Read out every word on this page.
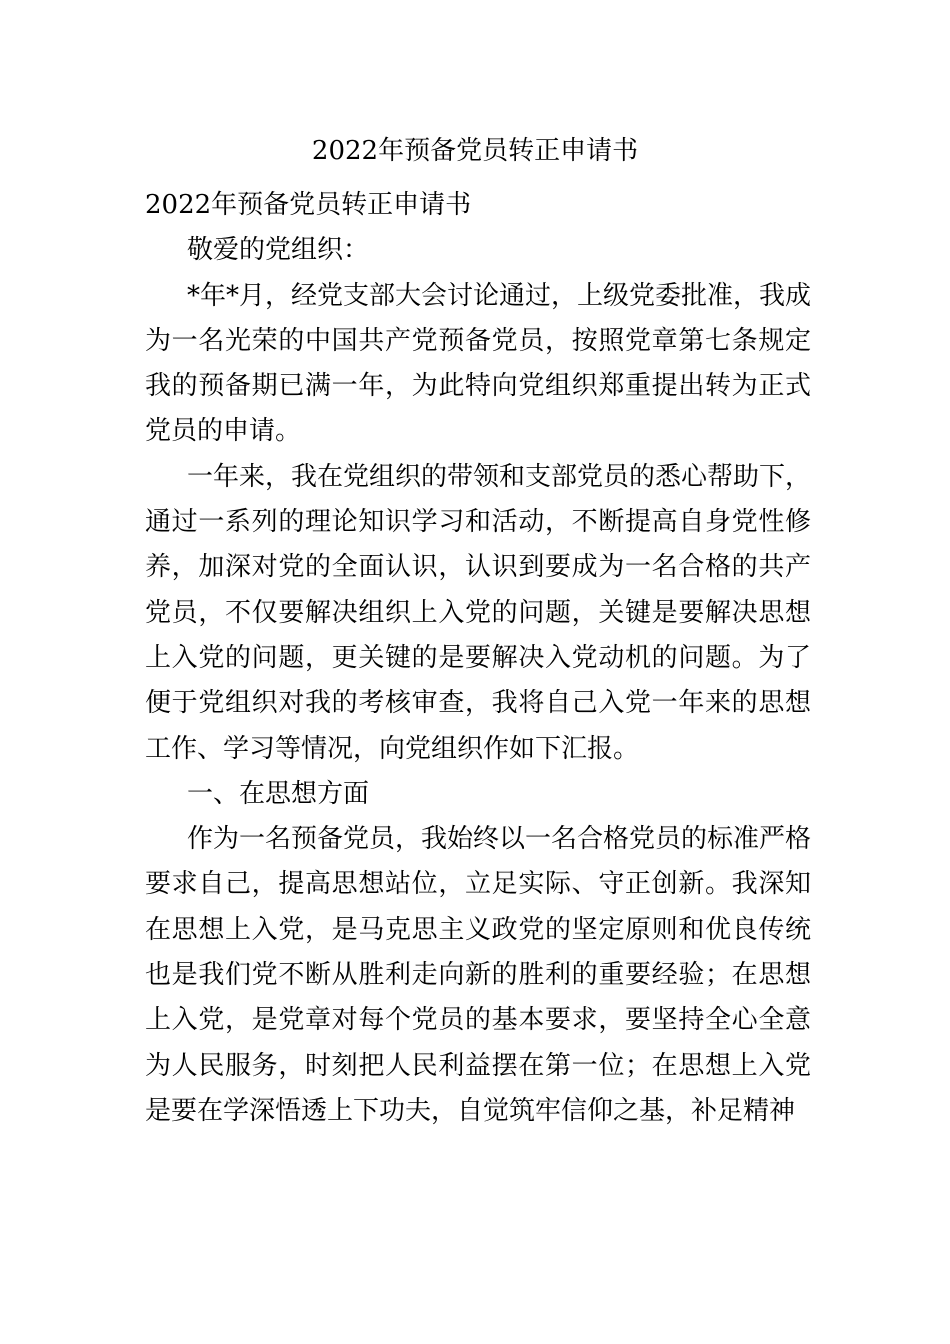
2022年预备党员转正申请书

2022年预备党员转正申请书

敬爱的党组织：

*年*月，经党支部大会讨论通过，上级党委批准，我成为一名光荣的中国共产党预备党员，按照党章第七条规定我的预备期已满一年，为此特向党组织郑重提出转为正式党员的申请。

一年来，我在党组织的带领和支部党员的悉心帮助下，通过一系列的理论知识学习和活动，不断提高自身党性修养，加深对党的全面认识，认识到要成为一名合格的共产党员，不仅要解决组织上入党的问题，关键是要解决思想上入党的问题，更关键的是要解决入党动机的问题。为了便于党组织对我的考核审查，我将自己入党一年来的思想工作、学习等情况，向党组织作如下汇报。

一、在思想方面

作为一名预备党员，我始终以一名合格党员的标准严格要求自己，提高思想站位，立足实际、守正创新。我深知在思想上入党，是马克思主义政党的坚定原则和优良传统也是我们党不断从胜利走向新的胜利的重要经验；在思想上入党，是党章对每个党员的基本要求，要坚持全心全意为人民服务，时刻把人民利益摆在第一位；在思想上入党是要在学深悟透上下功夫，自觉筑牢信仰之基，补足精神
